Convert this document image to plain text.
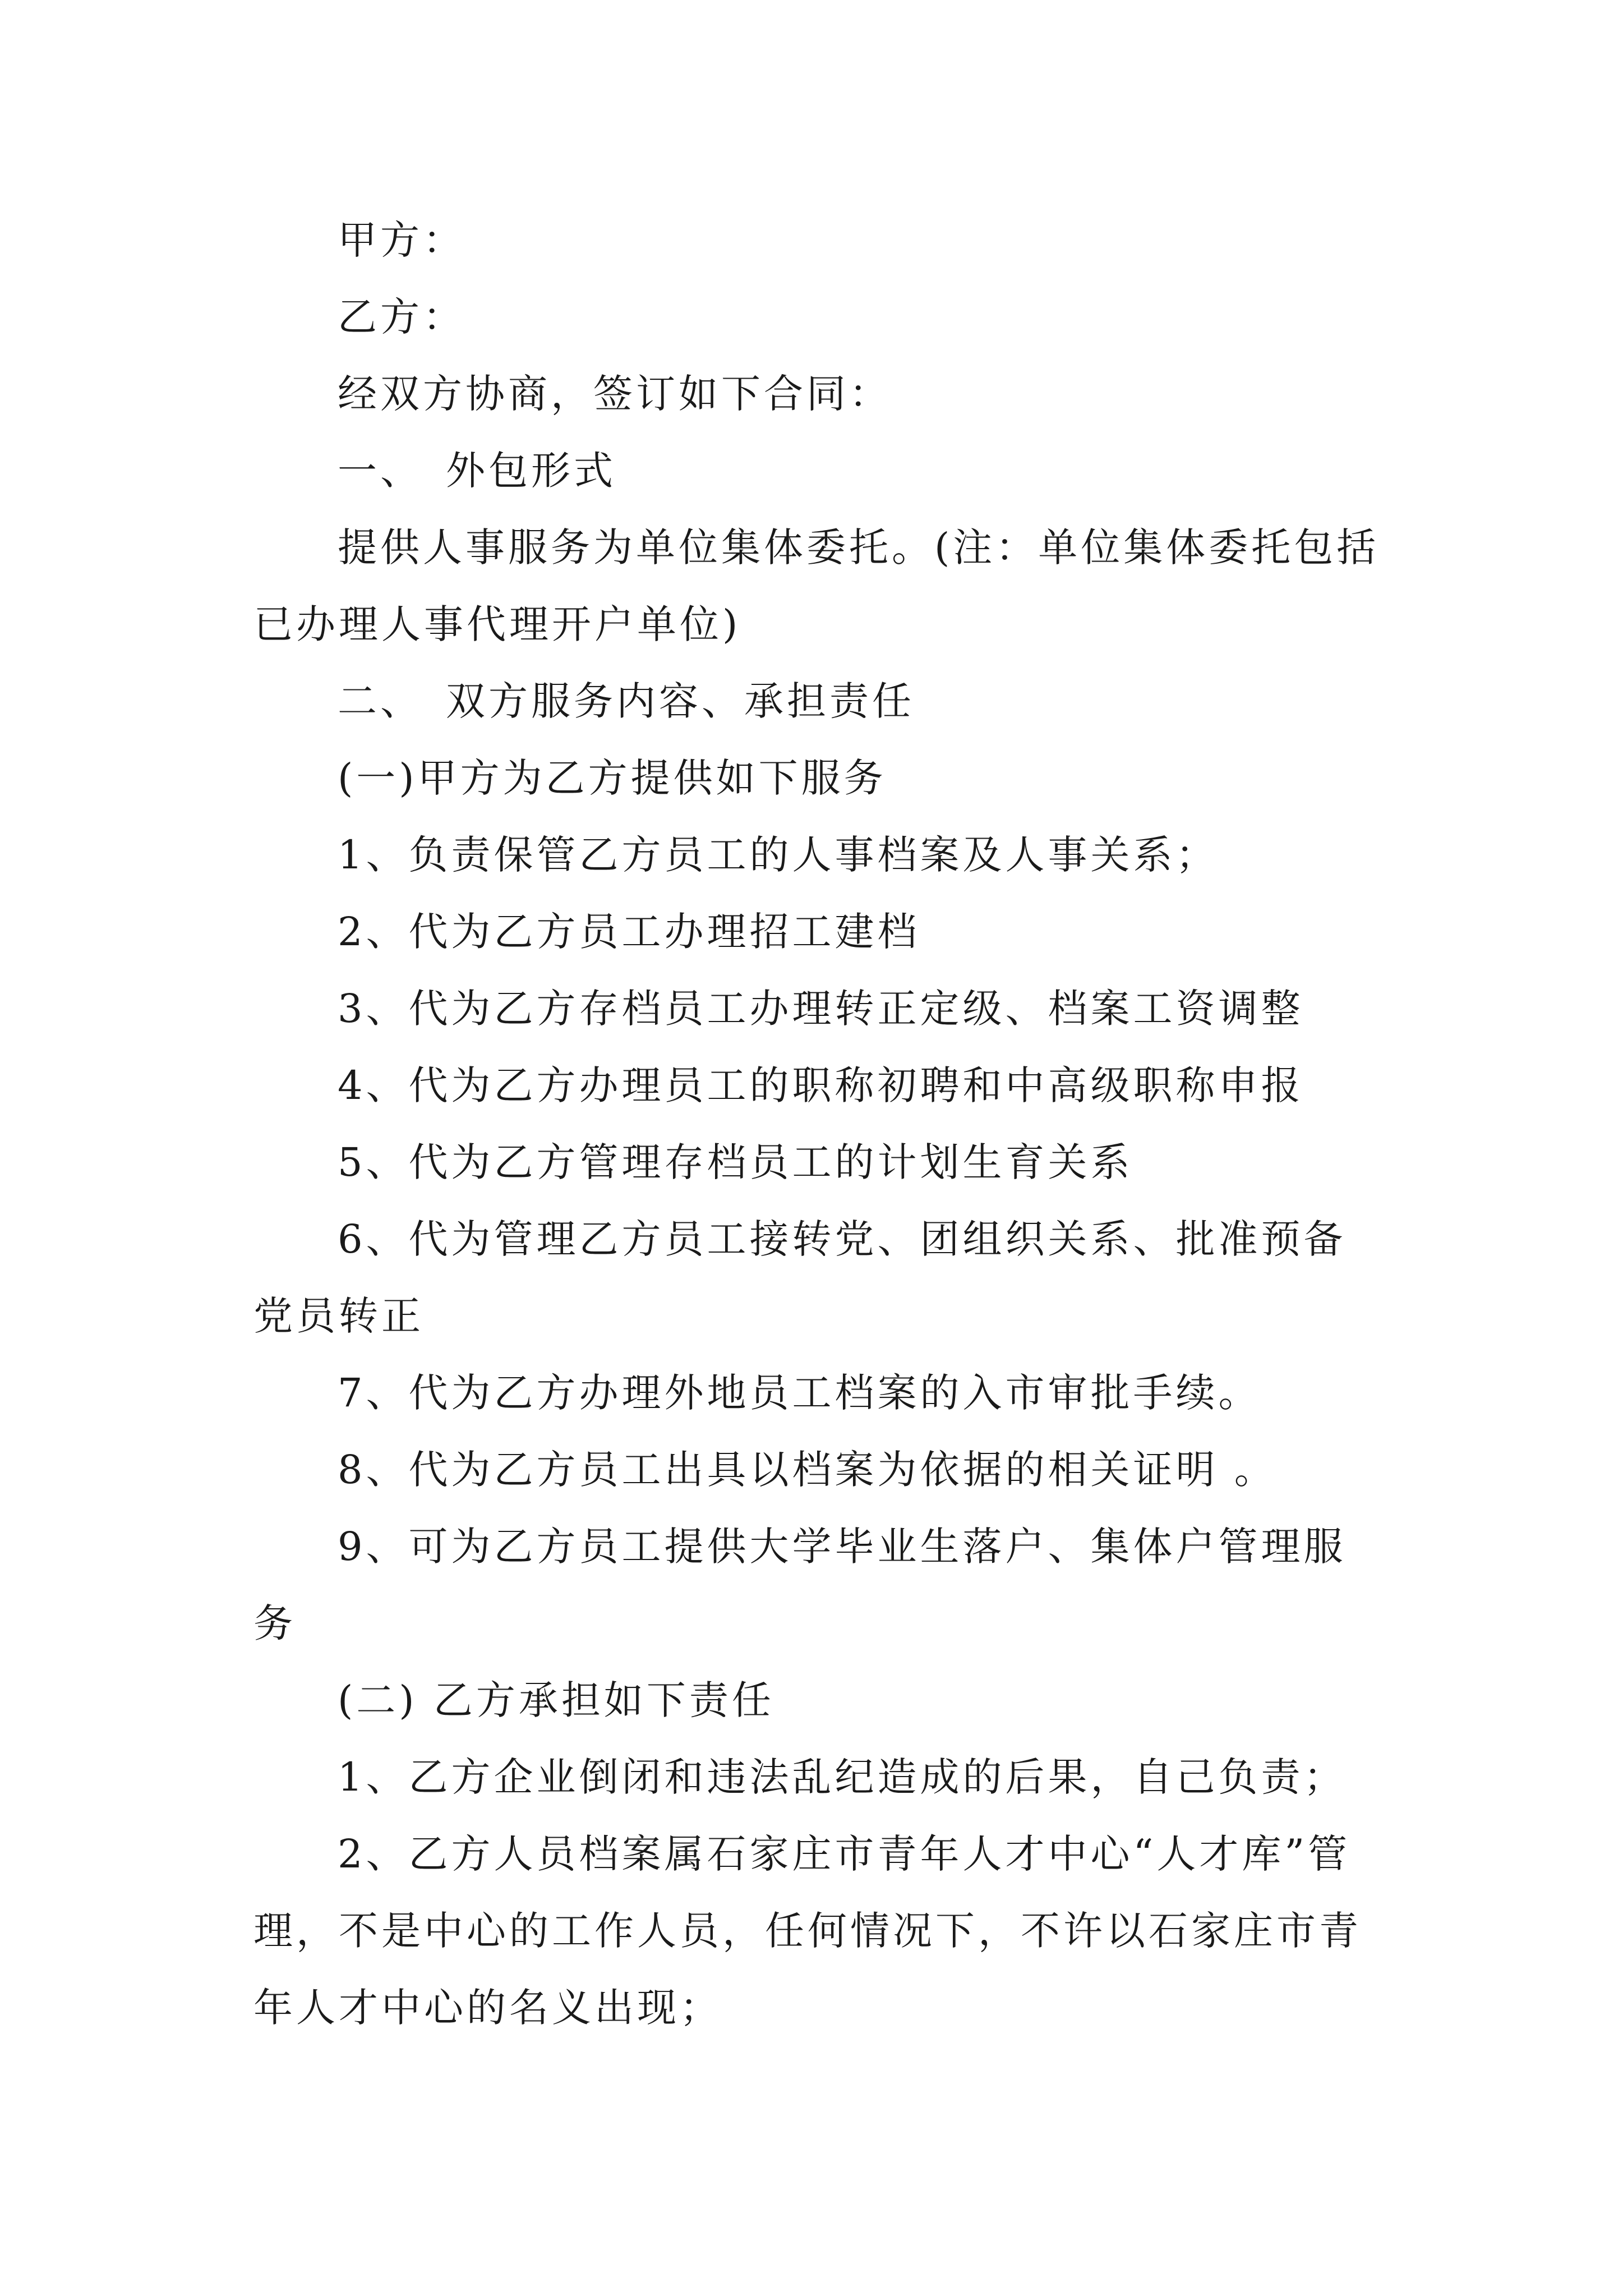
甲方：

乙方：

经双方协商，签订如下合同：

一、　外包形式

提供人事服务为单位集体委托。(注：单位集体委托包括已办理人事代理开户单位)

二、　双方服务内容、承担责任

(一)甲方为乙方提供如下服务

1、负责保管乙方员工的人事档案及人事关系；

2、代为乙方员工办理招工建档

3、代为乙方存档员工办理转正定级、档案工资调整

4、代为乙方办理员工的职称初聘和中高级职称申报

5、代为乙方管理存档员工的计划生育关系

6、代为管理乙方员工接转党、团组织关系、批准预备党员转正

7、代为乙方办理外地员工档案的入市审批手续。

8、代为乙方员工出具以档案为依据的相关证明 。

9、可为乙方员工提供大学毕业生落户、集体户管理服务

(二) 乙方承担如下责任

1、乙方企业倒闭和违法乱纪造成的后果，自己负责；

2、乙方人员档案属石家庄市青年人才中心“人才库”管理，不是中心的工作人员，任何情况下，不许以石家庄市青年人才中心的名义出现；
